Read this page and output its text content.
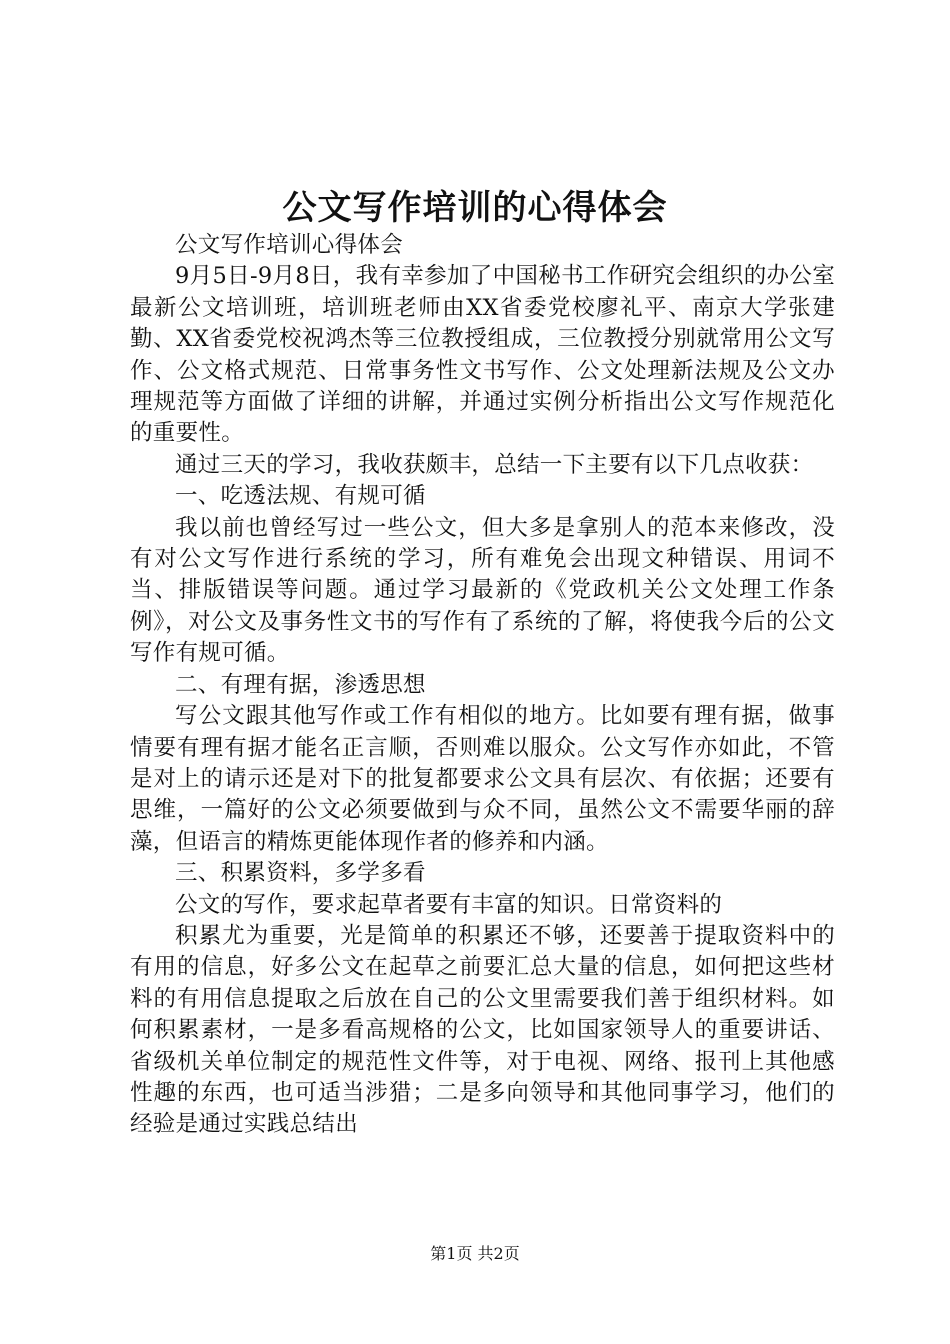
公文写作培训的心得体会

公文写作培训心得体会

9月5日-9月8日，我有幸参加了中国秘书工作研究会组织的办公室最新公文培训班，培训班老师由XX省委党校廖礼平、南京大学张建勤、XX省委党校祝鸿杰等三位教授组成，三位教授分别就常用公文写作、公文格式规范、日常事务性文书写作、公文处理新法规及公文办理规范等方面做了详细的讲解，并通过实例分析指出公文写作规范化的重要性。

通过三天的学习，我收获颇丰，总结一下主要有以下几点收获：

一、吃透法规、有规可循

我以前也曾经写过一些公文，但大多是拿别人的范本来修改，没有对公文写作进行系统的学习，所有难免会出现文种错误、用词不当、排版错误等问题。通过学习最新的《党政机关公文处理工作条例》，对公文及事务性文书的写作有了系统的了解，将使我今后的公文写作有规可循。

二、有理有据，渗透思想

写公文跟其他写作或工作有相似的地方。比如要有理有据，做事情要有理有据才能名正言顺，否则难以服众。公文写作亦如此，不管是对上的请示还是对下的批复都要求公文具有层次、有依据；还要有思维，一篇好的公文必须要做到与众不同，虽然公文不需要华丽的辞藻，但语言的精炼更能体现作者的修养和内涵。

三、积累资料，多学多看

公文的写作，要求起草者要有丰富的知识。日常资料的

积累尤为重要，光是简单的积累还不够，还要善于提取资料中的有用的信息，好多公文在起草之前要汇总大量的信息，如何把这些材料的有用信息提取之后放在自己的公文里需要我们善于组织材料。如何积累素材，一是多看高规格的公文，比如国家领导人的重要讲话、省级机关单位制定的规范性文件等，对于电视、网络、报刊上其他感性趣的东西，也可适当涉猎；二是多向领导和其他同事学习，他们的经验是通过实践总结出

第1页 共2页
